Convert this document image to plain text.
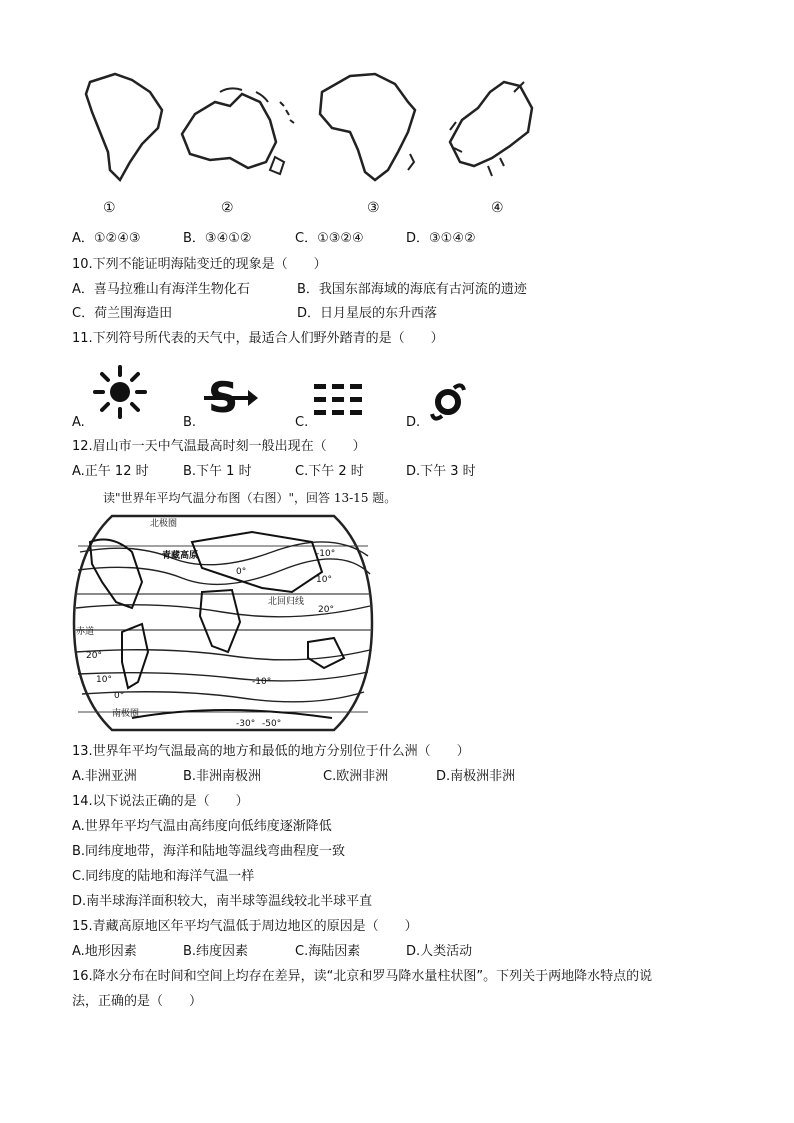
①	②	③	④
A．①②④③	B．③④①②	C．①③②④	D．③①④②
10.下列不能证明海陆变迁的现象是（　　）
A．喜马拉雅山有海洋生物化石	B．我国东部海域的海底有古河流的遗迹
C．荷兰围海造田	D．日月星辰的东升西落
11.下列符号所代表的天气中，最适合人们野外踏青的是（　　）
A.	B.
S
C.	D.
12.眉山市一天中气温最高时刻一般出现在（　　）
A.正午 12 时	B.下午 1 时	C.下午 2 时	D.下午 3 时
读"世界年平均气温分布图（右图）"，回答 13-15 题。
北极圈
青藏高原
北回归线
赤道
南极圈
-10°
0°
10°
20°
20°
10°
0°
-10°
-30° -50°
13.世界年平均气温最高的地方和最低的地方分别位于什么洲（　　）
A.非洲亚洲	B.非洲南极洲	C.欧洲非洲	D.南极洲非洲
14.以下说法正确的是（　　）
A.世界年平均气温由高纬度向低纬度逐渐降低
B.同纬度地带，海洋和陆地等温线弯曲程度一致
C.同纬度的陆地和海洋气温一样
D.南半球海洋面积较大，南半球等温线较北半球平直
15.青藏高原地区年平均气温低于周边地区的原因是（　　）
A.地形因素	B.纬度因素	C.海陆因素	D.人类活动
16.降水分布在时间和空间上均存在差异，读“北京和罗马降水量柱状图”。下列关于两地降水特点的说
法，正确的是（　　）
